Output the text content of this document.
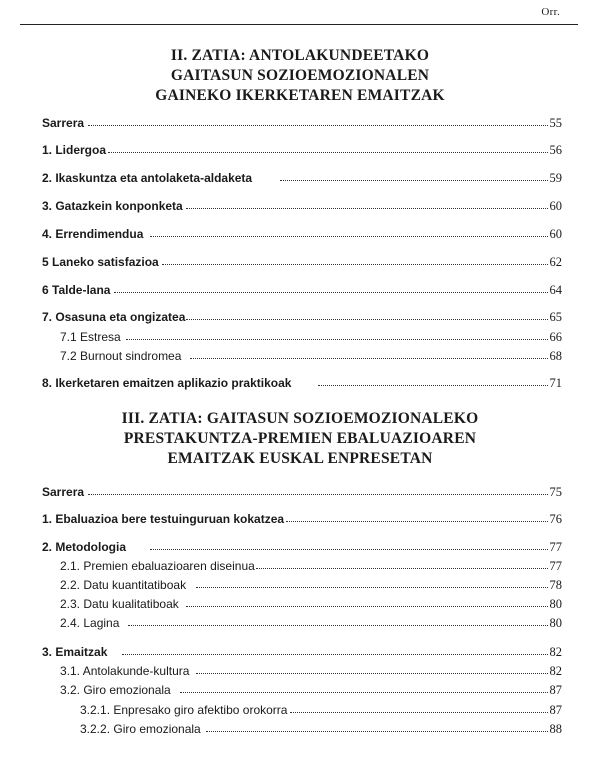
Orr.
II. ZATIA: ANTOLAKUNDEETAKO
GAITASUN SOZIOEMOZIONALEN
GAINEKO IKERKETAREN EMAITZAK
Sarrera	55
1. Lidergoa	56
2. Ikaskuntza eta antolaketa-aldaketa	59
3. Gatazkein konponketa	60
4. Errendimendua	60
5 Laneko satisfazioa	62
6 Talde-lana	64
7. Osasuna eta ongizatea	65
7.1 Estresa	66
7.2 Burnout sindromea	68
8. Ikerketaren emaitzen aplikazio praktikoak	71
III. ZATIA: GAITASUN SOZIOEMOZIONALEKO
PRESTAKUNTZA-PREMIEN EBALUAZIOAREN
EMAITZAK EUSKAL ENPRESETAN
Sarrera	75
1. Ebaluazioa bere testuinguruan kokatzea	76
2. Metodologia	77
2.1. Premien ebaluazioaren diseinua	77
2.2. Datu kuantitatiboak	78
2.3. Datu kualitatiboak	80
2.4. Lagina	80
3. Emaitzak	82
3.1. Antolakunde-kultura	82
3.2. Giro emozionala	87
3.2.1. Enpresako giro afektibo orokorra	87
3.2.2. Giro emozionala	88
